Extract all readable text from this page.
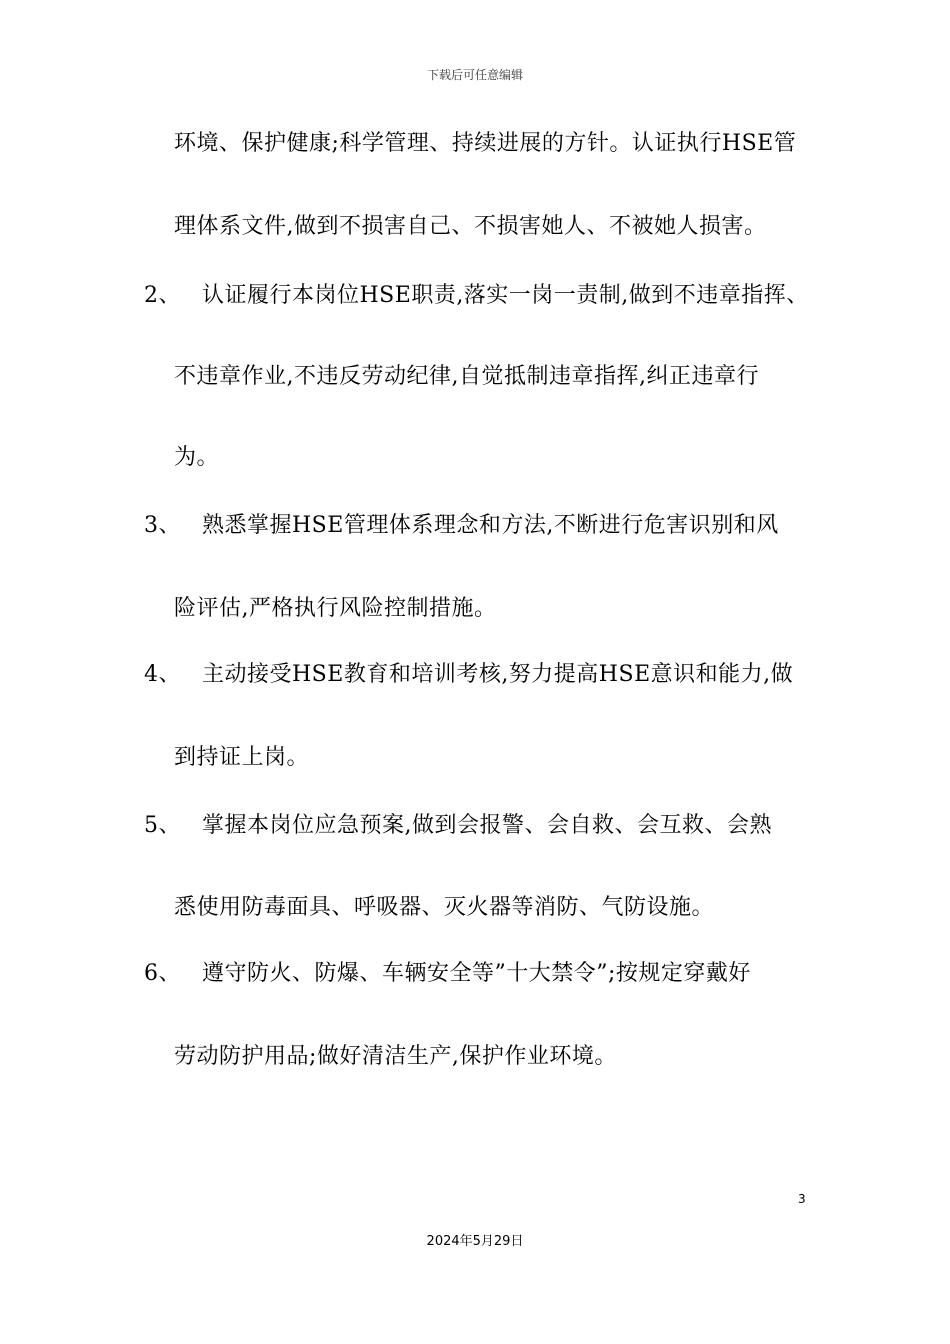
下载后可任意编辑
环境、保护健康;科学管理、持续进展的方针。认证执行HSE管
理体系文件,做到不损害自己、不损害她人、不被她人损害。
2、 认证履行本岗位HSE职责,落实一岗一责制,做到不违章指挥、
不违章作业,不违反劳动纪律,自觉抵制违章指挥,纠正违章行
为。
3、 熟悉掌握HSE管理体系理念和方法,不断进行危害识别和风
险评估,严格执行风险控制措施。
4、 主动接受HSE教育和培训考核,努力提高HSE意识和能力,做
到持证上岗。
5、 掌握本岗位应急预案,做到会报警、会自救、会互救、会熟
悉使用防毒面具、呼吸器、灭火器等消防、气防设施。
6、 遵守防火、防爆、车辆安全等”十大禁令”;按规定穿戴好
劳动防护用品;做好清洁生产,保护作业环境。
3
2024年5月29日
